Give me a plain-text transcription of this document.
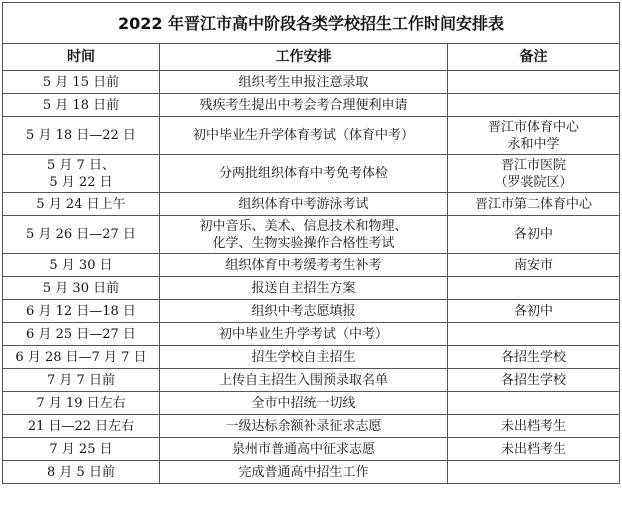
2022 年晋江市高中阶段各类学校招生工作时间安排表		
时间	工作安排	备注

5 月 15 日前	组织考生申报注意录取	

5 月 18 日前	残疾考生提出中考会考合理便利申请	

5 月 18 日—22 日	初中毕业生升学体育考试（体育中考）	晋江市体育中心
永和中学

5 月 7 日、
5 月 22 日	分两批组织体育中考免考体检	晋江市医院
（罗裳院区）

5 月 24 日上午	组织体育中考游泳考试	晋江市第二体育中心

5 月 26 日—27 日	初中音乐、美术、信息技术和物理、
化学、生物实验操作合格性考试	各初中

5 月 30 日	组织体育中考缓考考生补考	南安市

5 月 30 日前	报送自主招生方案	

6 月 12 日—18 日	组织中考志愿填报	各初中

6 月 25 日—27 日	初中毕业生升学考试（中考）	

6 月 28 日—7 月 7 日	招生学校自主招生	各招生学校

7 月 7 日前	上传自主招生入围预录取名单	各招生学校

7 月 19 日左右	全市中招统一切线	

21 日—22 日左右	一级达标余额补录征求志愿	未出档考生

7 月 25 日	泉州市普通高中征求志愿	未出档考生

8 月 5 日前	完成普通高中招生工作	
